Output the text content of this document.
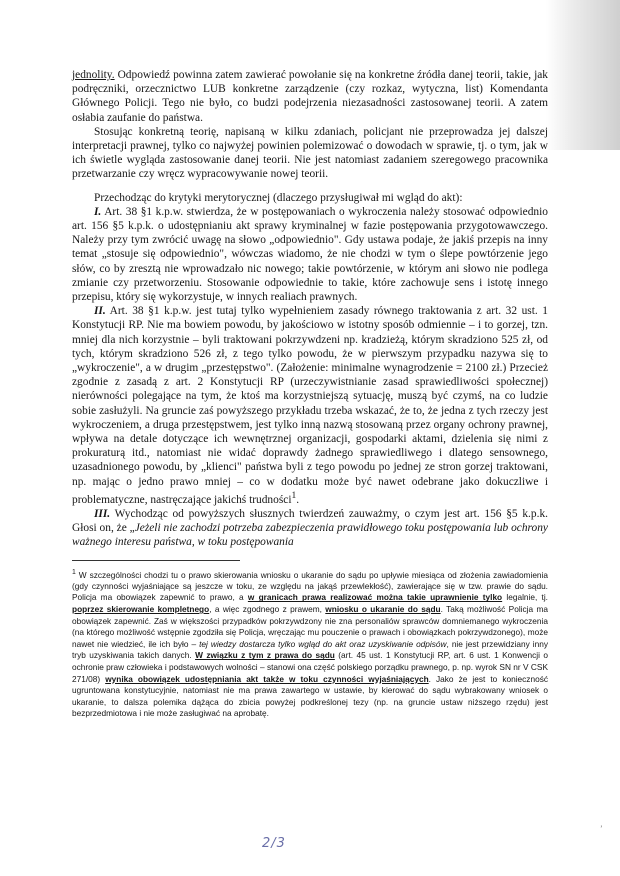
jednolity. Odpowiedź powinna zatem zawierać powołanie się na konkretne źródła danej teorii, takie, jak podręczniki, orzecznictwo LUB konkretne zarządzenie (czy rozkaz, wytyczna, list) Komendanta Głównego Policji. Tego nie było, co budzi podejrzenia niezasadności zastosowanej teorii. A zatem osłabia zaufanie do państwa.

Stosując konkretną teorię, napisaną w kilku zdaniach, policjant nie przeprowadza jej dalszej interpretacji prawnej, tylko co najwyżej powinien polemizować o dowodach w sprawie, tj. o tym, jak w ich świetle wygląda zastosowanie danej teorii. Nie jest natomiast zadaniem szeregowego pracownika przetwarzanie czy wręcz wypracowywanie nowej teorii.

Przechodząc do krytyki merytorycznej (dlaczego przysługiwał mi wgląd do akt):

I. Art. 38 §1 k.p.w. stwierdza, że w postępowaniach o wykroczenia należy stosować odpowiednio art. 156 §5 k.p.k. o udostępnianiu akt sprawy kryminalnej w fazie postępowania przygotowawczego. Należy przy tym zwrócić uwagę na słowo „odpowiednio". Gdy ustawa podaje, że jakiś przepis na inny temat „stosuje się odpowiednio", wówczas wiadomo, że nie chodzi w tym o ślepe powtórzenie jego słów, co by zresztą nie wprowadzało nic nowego; takie powtórzenie, w którym ani słowo nie podlega zmianie czy przetworzeniu. Stosowanie odpowiednie to takie, które zachowuje sens i istotę innego przepisu, który się wykorzystuje, w innych realiach prawnych.

II. Art. 38 §1 k.p.w. jest tutaj tylko wypełnieniem zasady równego traktowania z art. 32 ust. 1 Konstytucji RP. Nie ma bowiem powodu, by jakościowo w istotny sposób odmiennie – i to gorzej, tzn. mniej dla nich korzystnie – byli traktowani pokrzywdzeni np. kradzieżą, którym skradziono 525 zł, od tych, którym skradziono 526 zł, z tego tylko powodu, że w pierwszym przypadku nazywa się to „wykroczenie", a w drugim „przestępstwo". (Założenie: minimalne wynagrodzenie = 2100 zł.) Przecież zgodnie z zasadą z art. 2 Konstytucji RP (urzeczywistnianie zasad sprawiedliwości społecznej) nierówności polegające na tym, że ktoś ma korzystniejszą sytuację, muszą być czymś, na co ludzie sobie zasłużyli. Na gruncie zaś powyższego przykładu trzeba wskazać, że to, że jedna z tych rzeczy jest wykroczeniem, a druga przestępstwem, jest tylko inną nazwą stosowaną przez organy ochrony prawnej, wpływa na detale dotyczące ich wewnętrznej organizacji, gospodarki aktami, dzielenia się nimi z prokuraturą itd., natomiast nie widać doprawdy żadnego sprawiedliwego i dlatego sensownego, uzasadnionego powodu, by „klienci" państwa byli z tego powodu po jednej ze stron gorzej traktowani, np. mając o jedno prawo mniej – co w dodatku może być nawet odebrane jako dokuczliwe i problematyczne, nastręczające jakichś trudności$^1$.

III. Wychodząc od powyższych słusznych twierdzeń zauważmy, o czym jest art. 156 §5 k.p.k. Głosi on, że „Jeżeli nie zachodzi potrzeba zabezpieczenia prawidłowego toku postępowania lub ochrony ważnego interesu państwa, w toku postępowania

$^1$ W szczególności chodzi tu o prawo skierowania wniosku o ukaranie do sądu po upływie miesiąca od złożenia zawiadomienia (gdy czynności wyjaśniające są jeszcze w toku, ze względu na jakąś przewlekłość), zawierające się w tzw. prawie do sądu. Policja ma obowiązek zapewnić to prawo, a w granicach prawa realizować można takie uprawnienie tylko legalnie, tj. poprzez skierowanie kompletnego, a więc zgodnego z prawem, wniosku o ukaranie do sądu. Taką możliwość Policja ma obowiązek zapewnić. Zaś w większości przypadków pokrzywdzony nie zna personaliów sprawców domniemanego wykroczenia (na którego możliwość wstępnie zgodziła się Policja, wręczając mu pouczenie o prawach i obowiązkach pokrzywdzonego), może nawet nie wiedzieć, ile ich było – tej wiedzy dostarcza tylko wgląd do akt oraz uzyskiwanie odpisów, nie jest przewidziany inny tryb uzyskiwania takich danych. W związku z tym z prawa do sądu (art. 45 ust. 1 Konstytucji RP, art. 6 ust. 1 Konwencji o ochronie praw człowieka i podstawowych wolności – stanowi ona część polskiego porządku prawnego, p. np. wyrok SN nr V CSK 271/08) wynika obowiązek udostępniania akt także w toku czynności wyjaśniających. Jako że jest to konieczność ugruntowana konstytucyjnie, natomiast nie ma prawa zawartego w ustawie, by kierować do sądu wybrakowany wniosek o ukaranie, to dalsza polemika dążąca do zbicia powyżej podkreślonej tezy (np. na gruncie ustaw niższego rzędu) jest bezprzedmiotowa i nie może zasługiwać na aprobatę.

2/3
ʼ
